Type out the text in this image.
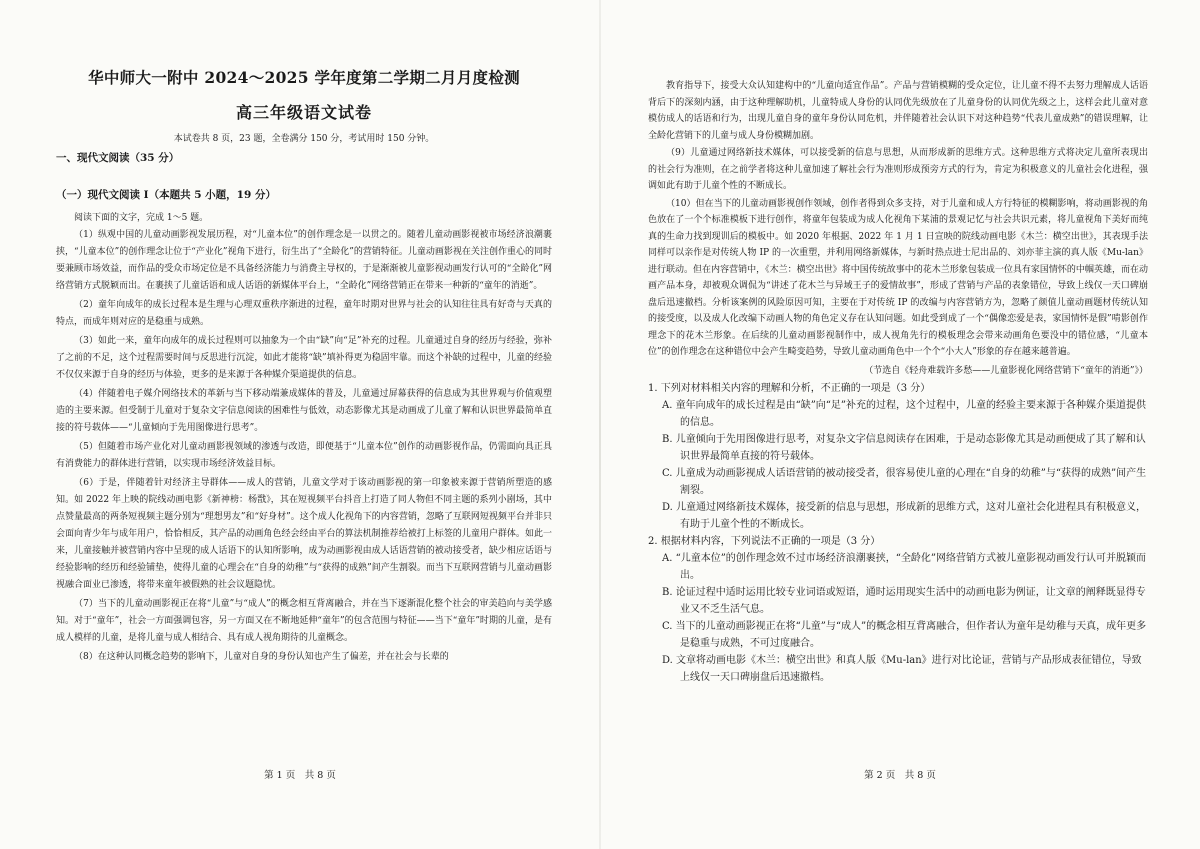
华中师大一附中 2024～2025 学年度第二学期二月月度检测
高三年级语文试卷
本试卷共 8 页，23 题，全卷满分 150 分，考试用时 150 分钟。
一、现代文阅读（35 分）
（一）现代文阅读 I（本题共 5 小题，19 分）
阅读下面的文字，完成 1～5 题。

（1）纵观中国的儿童动画影视发展历程，对“儿童本位”的创作理念是一以贯之的。随着儿童动画影视被市场经济浪潮裹挟，“儿童本位”的创作理念让位于“产业化”视角下进行，衍生出了“全龄化”的营销特征。儿童动画影视在关注创作重心的同时要兼顾市场效益，而作品的受众市场定位是不具备经济能力与消费主导权的，于是渐渐被儿童影视动画发行认可的“全龄化”网络营销方式脱颖而出。在裹挟了儿童话语和成人话语的新媒体平台上，“全龄化”网络营销正在带来一种新的“童年的消逝”。

（2）童年向成年的成长过程本是生理与心理双重秩序渐进的过程，童年时期对世界与社会的认知往往具有好奇与天真的特点，而成年则对应的是稳重与成熟。

（3）如此一来，童年向成年的成长过程则可以抽象为一个由“缺”向“足”补充的过程。儿童通过自身的经历与经验，弥补了之前的不足，这个过程需要时间与反思进行沉淀，如此才能将“缺”填补得更为稳固牢靠。而这个补缺的过程中，儿童的经验不仅仅来源于自身的经历与体验，更多的是来源于各种媒介渠道提供的信息。

（4）伴随着电子媒介网络技术的革新与当下移动端兼成媒体的普及，儿童通过屏幕获得的信息成为其世界观与价值观塑造的主要来源。但受制于儿童对于复杂文字信息阅读的困难性与低效，动态影像尤其是动画成了儿童了解和认识世界最简单直接的符号载体——“儿童倾向于先用图像进行思考”。

（5）但随着市场产业化对儿童动画影视领域的渗透与改造，即便基于“儿童本位”创作的动画影视作品，仍需面向具正具有消费能力的群体进行营销，以实现市场经济效益目标。

（6）于是，伴随着针对经济主导群体——成人的营销，儿童文学对于该动画影视的第一印象被来源于营销所塑造的感知。如 2022 年上映的院线动画电影《新神榜：杨戬》，其在短视频平台抖音上打造了同人物但不同主题的系列小剧场，其中点赞量最高的两条短视频主题分别为“理想男友”和“好身材”。这个成人化视角下的内容营销，忽略了互联网短视频平台并非只会面向青少年与成年用户，恰恰相反，其产品的动画角色经会经由平台的算法机制推荐给被打上标签的儿童用户群体。如此一来，儿童接触并被营销内容中呈现的成人话语下的认知所影响，成为动画影视由成人话语营销的被动接受者，缺少相应话语与经验影响的经历和经验铺垫，使得儿童的心理会在“自身的幼稚”与“获得的成熟”间产生割裂。而当下互联网营销与儿童动画影视融合面业已渗透，将带来童年被假熟的社会议题隐忧。

（7）当下的儿童动画影视正在将“儿童”与“成人”的概念相互背离融合，并在当下逐渐混化整个社会的审美趋向与美学感知。对于“童年”，社会一方面强调包容，另一方面又在不断地延伸“童年”的包含范围与特征——当下“童年”时期的儿童，是有成人模样的儿童，是将儿童与成人相结合、具有成人视角期待的儿童概念。

（8）在这种认同概念趋势的影响下，儿童对自身的身份认知也产生了偏差，并在社会与长辈的

第 1 页　共 8 页

教育指导下，接受大众认知建构中的“儿童向适宜作品”。产品与营销模糊的受众定位，让儿童不得不去努力理解成人话语背后下的深刻内涵，由于这种理解助机，儿童特成人身份的认同优先级放在了儿童身份的认同优先级之上，这样会此儿童对意模仿成人的话语和行为，出现儿童自身的童年身份认同危机，并伴随着社会认识下对这种趋势“代表儿童成熟”的错误理解，让全龄化营销下的儿童与成人身份模糊加剧。

（9）儿童通过网络新技术媒体，可以接受新的信息与思想，从而形成新的思维方式。这种思维方式将决定儿童所表现出的社会行为准则，在之前学者将这种儿童加速了解社会行为准则形成预旁方式的行为，肯定为积极意义的儿童社会化进程，强调如此有助于儿童个性的不断成长。

（10）但在当下的儿童动画影视创作领域，创作者得到众多支持，对于儿童和成人方行特征的模糊影响，将动画影视的角色放在了一个个标准模板下进行创作，将童年包装成为成人化视角下某浦的景观记忆与社会共识元素，将儿童视角下美好而纯真的生命力找到现训后的模板中。如 2020 年根据、2022 年 1 月 1 日宣映的院线动画电影《木兰：横空出世》，其表现手法同样可以亲作是对传统人物 IP 的一次重塑，并利用网络新媒体，与新时热点进士尼出品的、刘亦菲主演的真人版《Mu-lan》进行联动。但在内容营销中，《木兰：横空出世》将中国传统故事中的花木兰形象包装成一位具有家国情怀的中帼英雄，而在动画产品本身，却被观众调侃为“讲述了花木兰与异域王子的爱情故事”，形成了营销与产品的表象错位，导致上线仅一天口碑崩盘后迅速撤档。分析该案例的风险原因可知，主要在于对传统 IP 的改编与内容营销方为，忽略了颜值儿童动画题材传统认知的接受度，以及成人化改编下动画人物的角色定义存在认知问题。如此受到成了一个“偶像恋爱是表，家国情怀是假”啃影创作理念下的花木兰形象。在后续的儿童动画影视制作中，成人视角先行的模板理念会带来动画角色要没中的错位感，“儿童本位”的创作理念在这种错位中会产生畸变趋势，导致儿童动画角色中一个个“小大人”形象的存在越来越普遍。

（节选自《轻舟难载许多愁——儿童影视化网络营销下“童年的消逝”》）

1. 下列对材料相关内容的理解和分析，不正确的一项是（3 分）

A. 童年向成年的成长过程是由“缺”向“足”补充的过程，这个过程中，儿童的经验主要来源于各种媒介渠道提供的信息。

B. 儿童倾向于先用图像进行思考，对复杂文字信息阅读存在困难，于是动态影像尤其是动画便成了其了解和认识世界最简单直接的符号载体。

C. 儿童成为动画影视成人话语营销的被动接受者，很容易使儿童的心理在“自身的幼稚”与“获得的成熟”间产生割裂。

D. 儿童通过网络新技术媒体，接受新的信息与思想，形成新的思维方式，这对儿童社会化进程具有积极意义，有助于儿童个性的不断成长。

2. 根据材料内容，下列说法不正确的一项是（3 分）

A. “儿童本位”的创作理念效不过市场经济浪潮裹挟，“全龄化”网络营销方式被儿童影视动画发行认可并脱颖而出。

B. 论证过程中适时运用比较专业词语或短语，通时运用现实生活中的动画电影为例证，让文章的阐释既显得专业又不乏生活气息。

C. 当下的儿童动画影视正在将“儿童”与“成人”的概念相互背离融合，但作者认为童年是幼稚与天真，成年更多是稳重与成熟，不可过度融合。

D. 文章将动画电影《木兰：横空出世》和真人版《Mu-lan》进行对比论证，营销与产品形成表征错位，导致上线仅一天口碑崩盘后迅速撤档。

第 2 页　共 8 页
